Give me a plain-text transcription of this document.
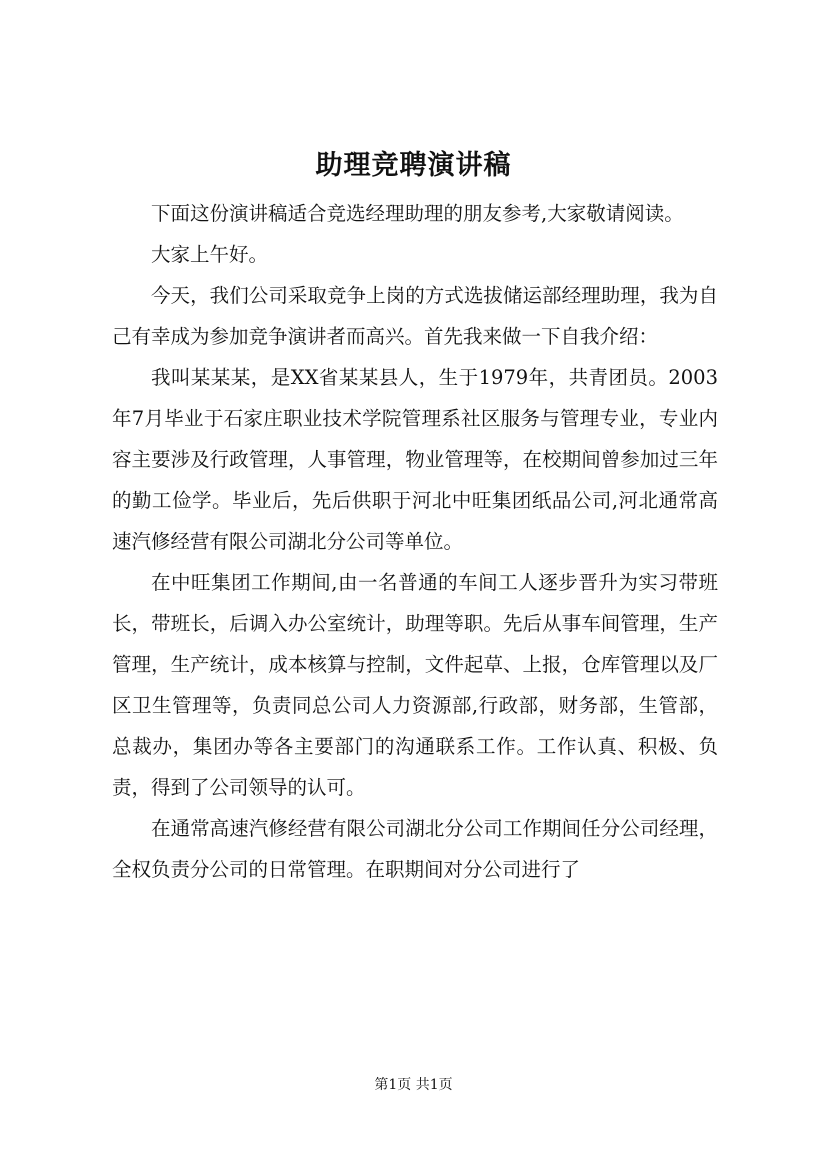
助理竞聘演讲稿

下面这份演讲稿适合竞选经理助理的朋友参考,大家敬请阅读。

大家上午好。

今天，我们公司采取竞争上岗的方式选拔储运部经理助理，我为自己有幸成为参加竞争演讲者而高兴。首先我来做一下自我介绍：

我叫某某某，是XX省某某县人，生于1979年，共青团员。2003年7月毕业于石家庄职业技术学院管理系社区服务与管理专业，专业内容主要涉及行政管理，人事管理，物业管理等，在校期间曾参加过三年的勤工俭学。毕业后，先后供职于河北中旺集团纸品公司,河北通常高速汽修经营有限公司湖北分公司等单位。

在中旺集团工作期间,由一名普通的车间工人逐步晋升为实习带班长，带班长，后调入办公室统计，助理等职。先后从事车间管理，生产管理，生产统计，成本核算与控制，文件起草、上报，仓库管理以及厂区卫生管理等，负责同总公司人力资源部,行政部，财务部，生管部，总裁办，集团办等各主要部门的沟通联系工作。工作认真、积极、负责，得到了公司领导的认可。

在通常高速汽修经营有限公司湖北分公司工作期间任分公司经理，全权负责分公司的日常管理。在职期间对分公司进行了

第1页 共1页
